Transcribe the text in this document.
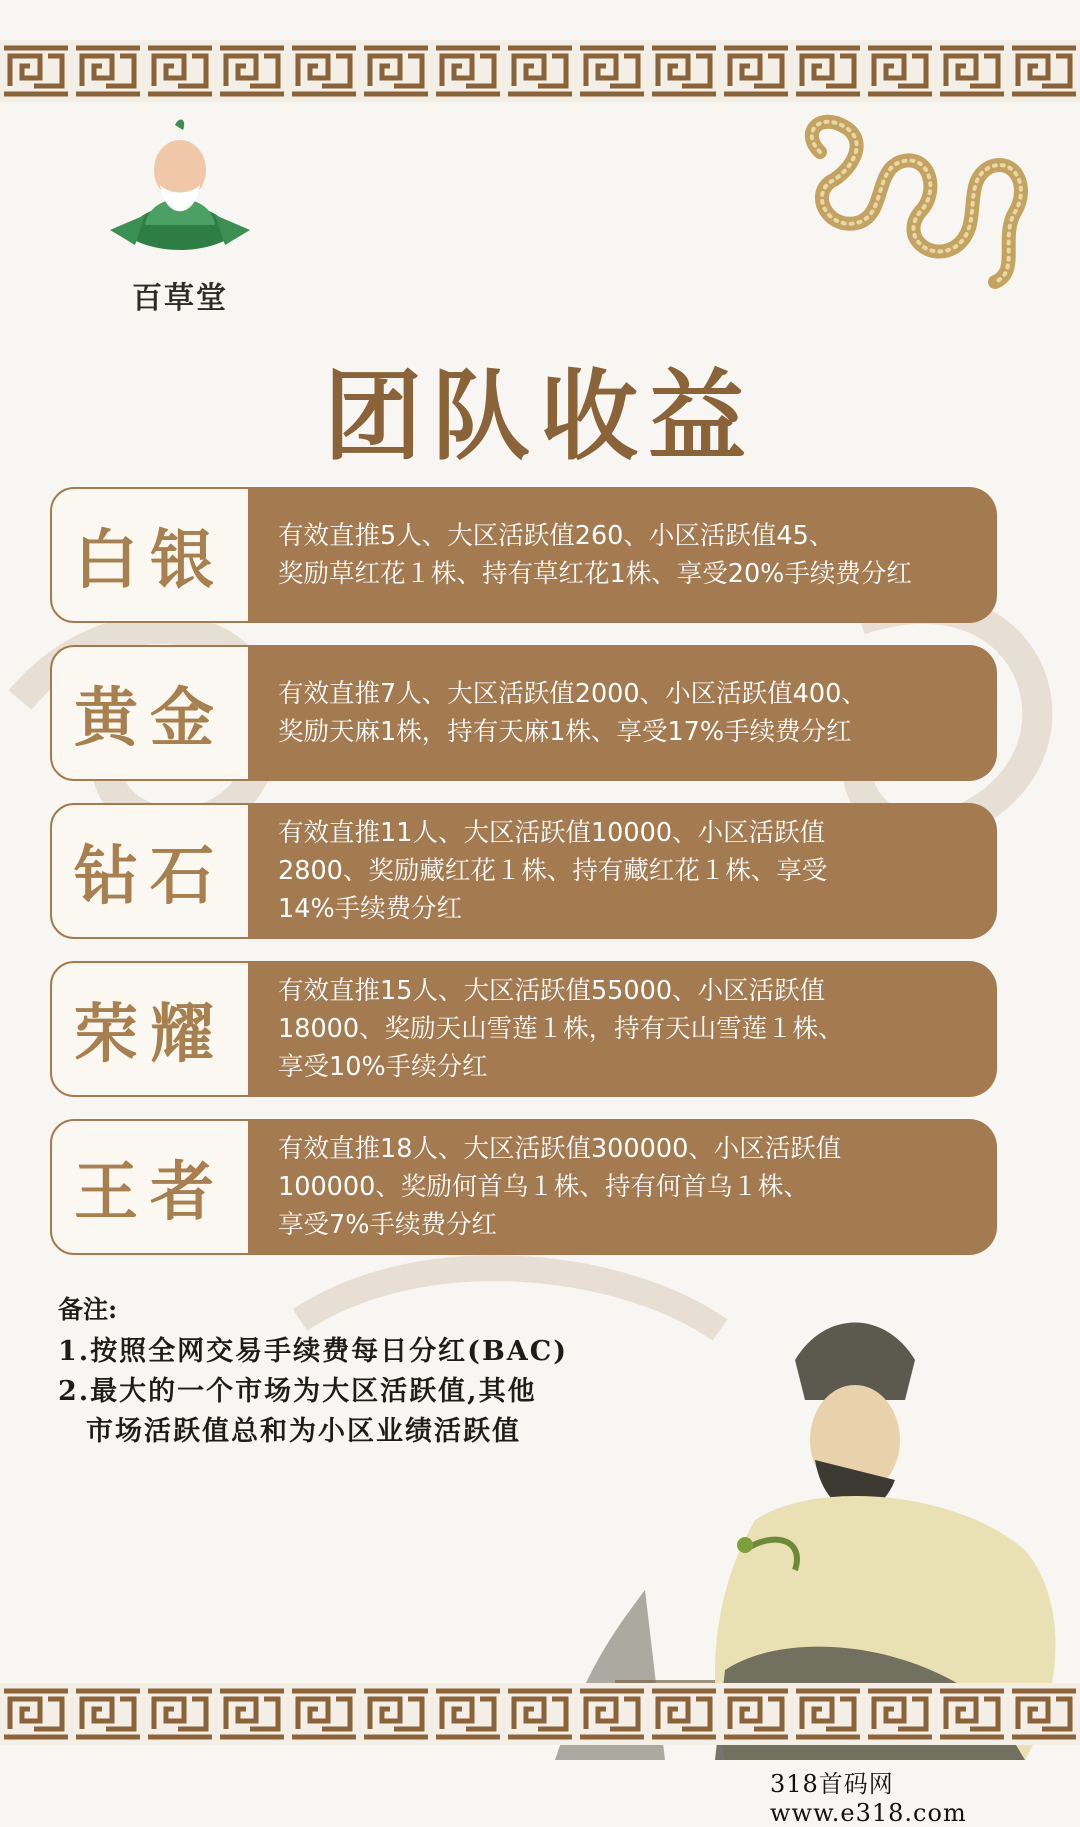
百草堂
团队收益
白银	有效直推5人、大区活跃值260、小区活跃值45、
奖励草红花１株、持有草红花1株、享受20%手续费分红
黄金	有效直推7人、大区活跃值2000、小区活跃值400、
奖励天麻1株，持有天麻1株、享受17%手续费分红
钻石
有效直推11人、大区活跃值10000、小区活跃值
2800、奖励藏红花１株、持有藏红花１株、享受
14%手续费分红
荣耀
有效直推15人、大区活跃值55000、小区活跃值
18000、奖励天山雪莲１株，持有天山雪莲１株、
享受10%手续分红
王者
有效直推18人、大区活跃值300000、小区活跃值
100000、奖励何首乌１株、持有何首乌１株、
享受7%手续费分红
备注:
1.按照全网交易手续费每日分红(BAC)
2.最大的一个市场为大区活跃值,其他
市场活跃值总和为小区业绩活跃值
318首码网 www.e318.com
